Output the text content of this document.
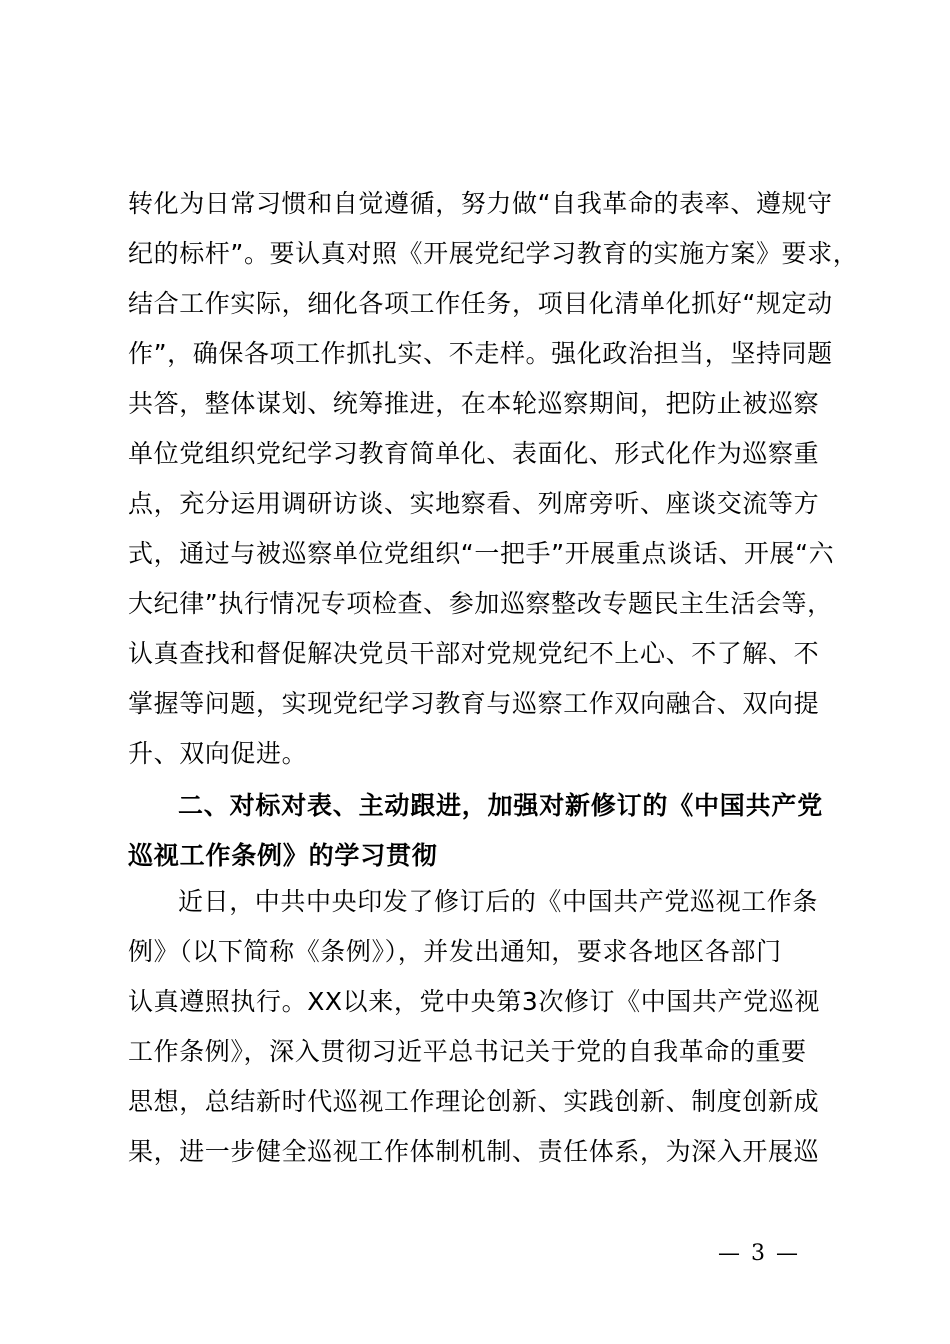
转化为日常习惯和自觉遵循，努力做“自我革命的表率、遵规守
纪的标杆”。要认真对照《开展党纪学习教育的实施方案》要求，
结合工作实际，细化各项工作任务，项目化清单化抓好“规定动
作”，确保各项工作抓扎实、不走样。强化政治担当，坚持同题
共答，整体谋划、统筹推进，在本轮巡察期间，把防止被巡察
单位党组织党纪学习教育简单化、表面化、形式化作为巡察重
点，充分运用调研访谈、实地察看、列席旁听、座谈交流等方
式，通过与被巡察单位党组织“一把手”开展重点谈话、开展“六
大纪律”执行情况专项检查、参加巡察整改专题民主生活会等，
认真查找和督促解决党员干部对党规党纪不上心、不了解、不
掌握等问题，实现党纪学习教育与巡察工作双向融合、双向提
升、双向促进。
二、对标对表、主动跟进，加强对新修订的《中国共产党
巡视工作条例》的学习贯彻
近日，中共中央印发了修订后的《中国共产党巡视工作条
例》（以下简称《条例》），并发出通知，要求各地区各部门
认真遵照执行。XX以来，党中央第3次修订《中国共产党巡视
工作条例》，深入贯彻习近平总书记关于党的自我革命的重要
思想，总结新时代巡视工作理论创新、实践创新、制度创新成
果，进一步健全巡视工作体制机制、责任体系，为深入开展巡
— 3 —
